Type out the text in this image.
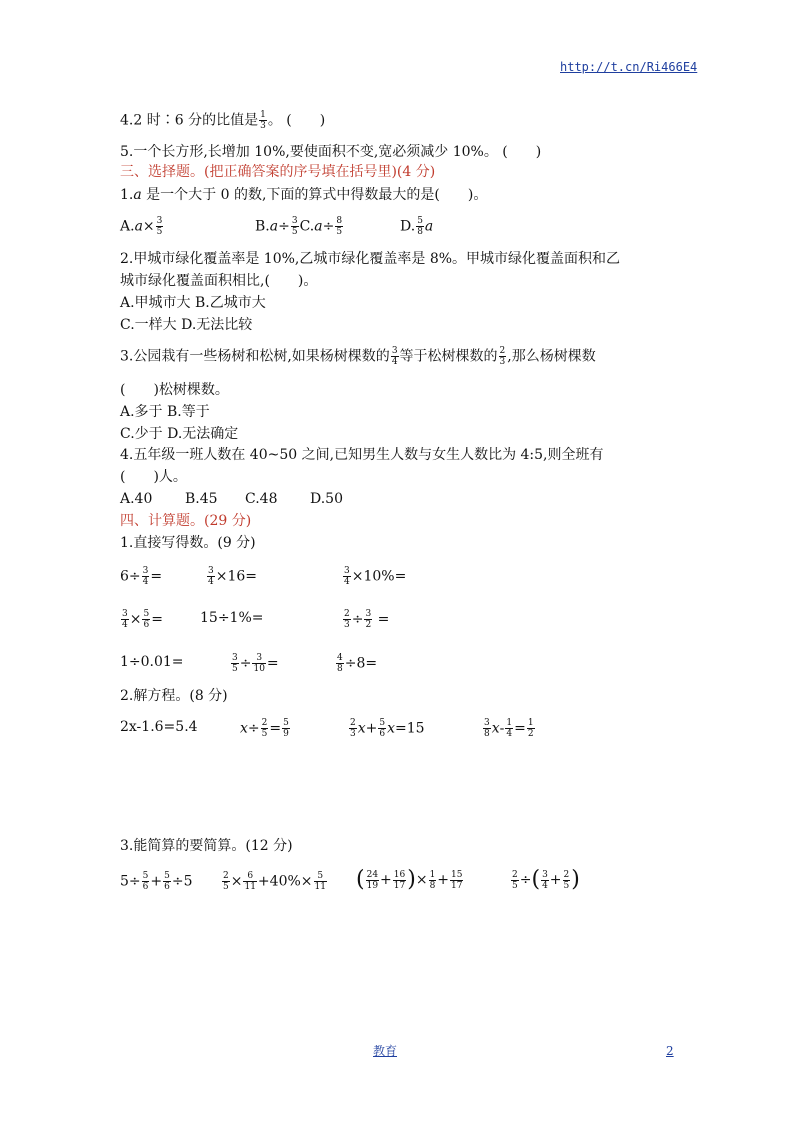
http://t.cn/Ri466E4
4.2 时∶6 分的比值是 $\frac{1}{3}$ 。 (　　)
5.一个长方形,长增加 10%,要使面积不变,宽必须减少 10%。 (　　)
三、选择题。(把正确答案的序号填在括号里)(4 分)
1.a 是一个大于 0 的数,下面的算式中得数最大的是(　　)。
$A.a\times \frac{3}{5}$	$B.a\div \frac{3}{5} C.a\div \frac{8}{5}$	D. $\frac{5}{8}$ a
2.甲城市绿化覆盖率是 10%,乙城市绿化覆盖率是 8%。甲城市绿化覆盖面积和乙
城市绿化覆盖面积相比,(　　)。
A.甲城市大 B.乙城市大
C.一样大 D.无法比较
3.公园栽有一些杨树和松树,如果杨树棵数的 $\frac{3}{4}$ 等于松树棵数的 $\frac{2}{3}$ ,那么杨树棵数
(　　)松树棵数。
A.多于 B.等于
C.少于 D.无法确定
4.五年级一班人数在 40~50 之间,已知男生人数与女生人数比为 4:5,则全班有
(　　)人。
A.40 B.45 C.48 D.50
四、计算题。(29 分)
1.直接写得数。(9 分)
$6\div \frac{3}{4}$ =	$\frac{3}{4} \times 16=$	$\frac{3}{4} \times 10\%=$
$\frac{3}{4} \times \frac{5}{6}$ =	15÷1%=	$\frac{2}{3} \div \frac{3}{2}$ =
1÷0.01=	$\frac{3}{5} \div \frac{3}{10}$ =	$\frac{4}{8} \div 8=$
2.解方程。(8 分)
2x-1.6=5.4	$x\div \frac{2}{5} = \frac{5}{9}$	$\frac{2}{3} x+ \frac{5}{6} x=15$	$\frac{3}{8} x- \frac{1}{4} = \frac{1}{2}$
3.能简算的要简算。(12 分)
$5\div \frac{5}{6} + \frac{5}{6} \div 5$	$\frac{2}{5} \times \frac{6}{11} +40\%\times \frac{5}{11}$ ( $\frac{24}{19} + \frac{16}{17}$ )× $\frac{1}{8} + \frac{15}{17}$	$\frac{2}{5}$ ÷( $\frac{3}{4} + \frac{2}{5}$ )
教育	2
